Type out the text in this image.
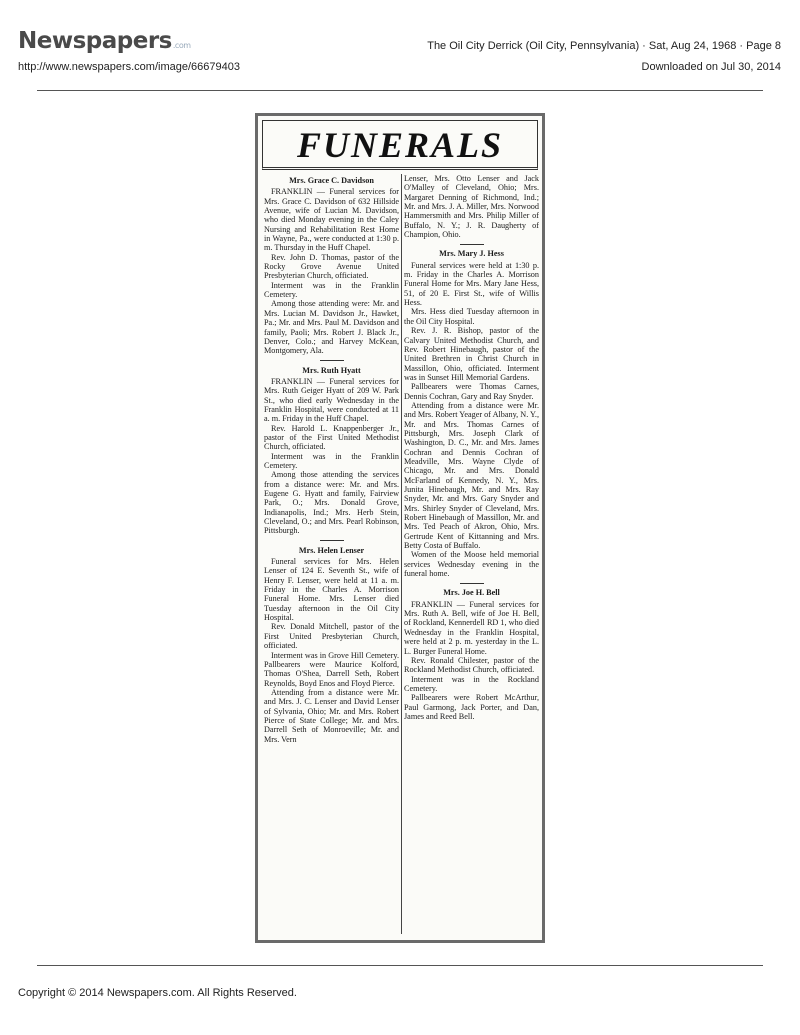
Newspapers.com
http://www.newspapers.com/image/66679403
The Oil City Derrick (Oil City, Pennsylvania) · Sat, Aug 24, 1968 · Page 8
Downloaded on Jul 30, 2014
FUNERALS

Mrs. Grace C. Davidson

FRANKLIN — Funeral services for Mrs. Grace C. Davidson of 632 Hillside Avenue, wife of Lucian M. Davidson, who died Monday evening in the Caley Nursing and Rehabilitation Rest Home in Wayne, Pa., were conducted at 1:30 p. m. Thursday in the Huff Chapel.

Rev. John D. Thomas, pastor of the Rocky Grove Avenue United Presbyterian Church, officiated.

Interment was in the Franklin Cemetery.

Among those attending were: Mr. and Mrs. Lucian M. Davidson Jr., Hawket, Pa.; Mr. and Mrs. Paul M. Davidson and family, Paoli; Mrs. Robert J. Black Jr., Denver, Colo.; and Harvey McKean, Montgomery, Ala.

Mrs. Ruth Hyatt

FRANKLIN — Funeral services for Mrs. Ruth Geiger Hyatt of 209 W. Park St., who died early Wednesday in the Franklin Hospital, were conducted at 11 a. m. Friday in the Huff Chapel.

Rev. Harold L. Knappenberger Jr., pastor of the First United Methodist Church, officiated.

Interment was in the Franklin Cemetery.

Among those attending the services from a distance were: Mr. and Mrs. Eugene G. Hyatt and family, Fairview Park, O.; Mrs. Donald Grove, Indianapolis, Ind.; Mrs. Herb Stein, Cleveland, O.; and Mrs. Pearl Robinson, Pittsburgh.

Mrs. Helen Lenser

Funeral services for Mrs. Helen Lenser of 124 E. Seventh St., wife of Henry F. Lenser, were held at 11 a. m. Friday in the Charles A. Morrison Funeral Home. Mrs. Lenser died Tuesday afternoon in the Oil City Hospital.

Rev. Donald Mitchell, pastor of the First United Presbyterian Church, officiated.

Interment was in Grove Hill Cemetery. Pallbearers were Maurice Kolford, Thomas O'Shea, Darrell Seth, Robert Reynolds, Boyd Enos and Floyd Pierce.

Attending from a distance were Mr. and Mrs. J. C. Lenser and David Lenser of Sylvania, Ohio; Mr. and Mrs. Robert Pierce of State College; Mr. and Mrs. Darrell Seth of Monroeville; Mr. and Mrs. Vern

Lenser, Mrs. Otto Lenser and Jack O'Malley of Cleveland, Ohio; Mrs. Margaret Denning of Richmond, Ind.; Mr. and Mrs. J. A. Miller, Mrs. Norwood Hammersmith and Mrs. Philip Miller of Buffalo, N. Y.; J. R. Daugherty of Champion, Ohio.

Mrs. Mary J. Hess

Funeral services were held at 1:30 p. m. Friday in the Charles A. Morrison Funeral Home for Mrs. Mary Jane Hess, 51, of 20 E. First St., wife of Willis Hess.

Mrs. Hess died Tuesday afternoon in the Oil City Hospital.

Rev. J. R. Bishop, pastor of the Calvary United Methodist Church, and Rev. Robert Hinebaugh, pastor of the United Brethren in Christ Church in Massillon, Ohio, officiated. Interment was in Sunset Hill Memorial Gardens.

Pallbearers were Thomas Carnes, Dennis Cochran, Gary and Ray Snyder.

Attending from a distance were Mr. and Mrs. Robert Yeager of Albany, N. Y., Mr. and Mrs. Thomas Carnes of Pittsburgh, Mrs. Joseph Clark of Washington, D. C., Mr. and Mrs. James Cochran and Dennis Cochran of Meadville, Mrs. Wayne Clyde of Chicago, Mr. and Mrs. Donald McFarland of Kennedy, N. Y., Mrs. Junita Hinebaugh, Mr. and Mrs. Ray Snyder, Mr. and Mrs. Gary Snyder and Mrs. Shirley Snyder of Cleveland, Mrs. Robert Hinebaugh of Massillon, Mr. and Mrs. Ted Peach of Akron, Ohio, Mrs. Gertrude Kent of Kittanning and Mrs. Betty Costa of Buffalo.

Women of the Moose held memorial services Wednesday evening in the funeral home.

Mrs. Joe H. Bell

FRANKLIN — Funeral services for Mrs. Ruth A. Bell, wife of Joe H. Bell, of Rockland, Kennerdell RD 1, who died Wednesday in the Franklin Hospital, were held at 2 p. m. yesterday in the L. L. Burger Funeral Home.

Rev. Ronald Chilester, pastor of the Rockland Methodist Church, officiated.

Interment was in the Rockland Cemetery.

Pallbearers were Robert McArthur, Paul Garmong, Jack Porter, and Dan, James and Reed Bell.

Copyright © 2014 Newspapers.com. All Rights Reserved.
